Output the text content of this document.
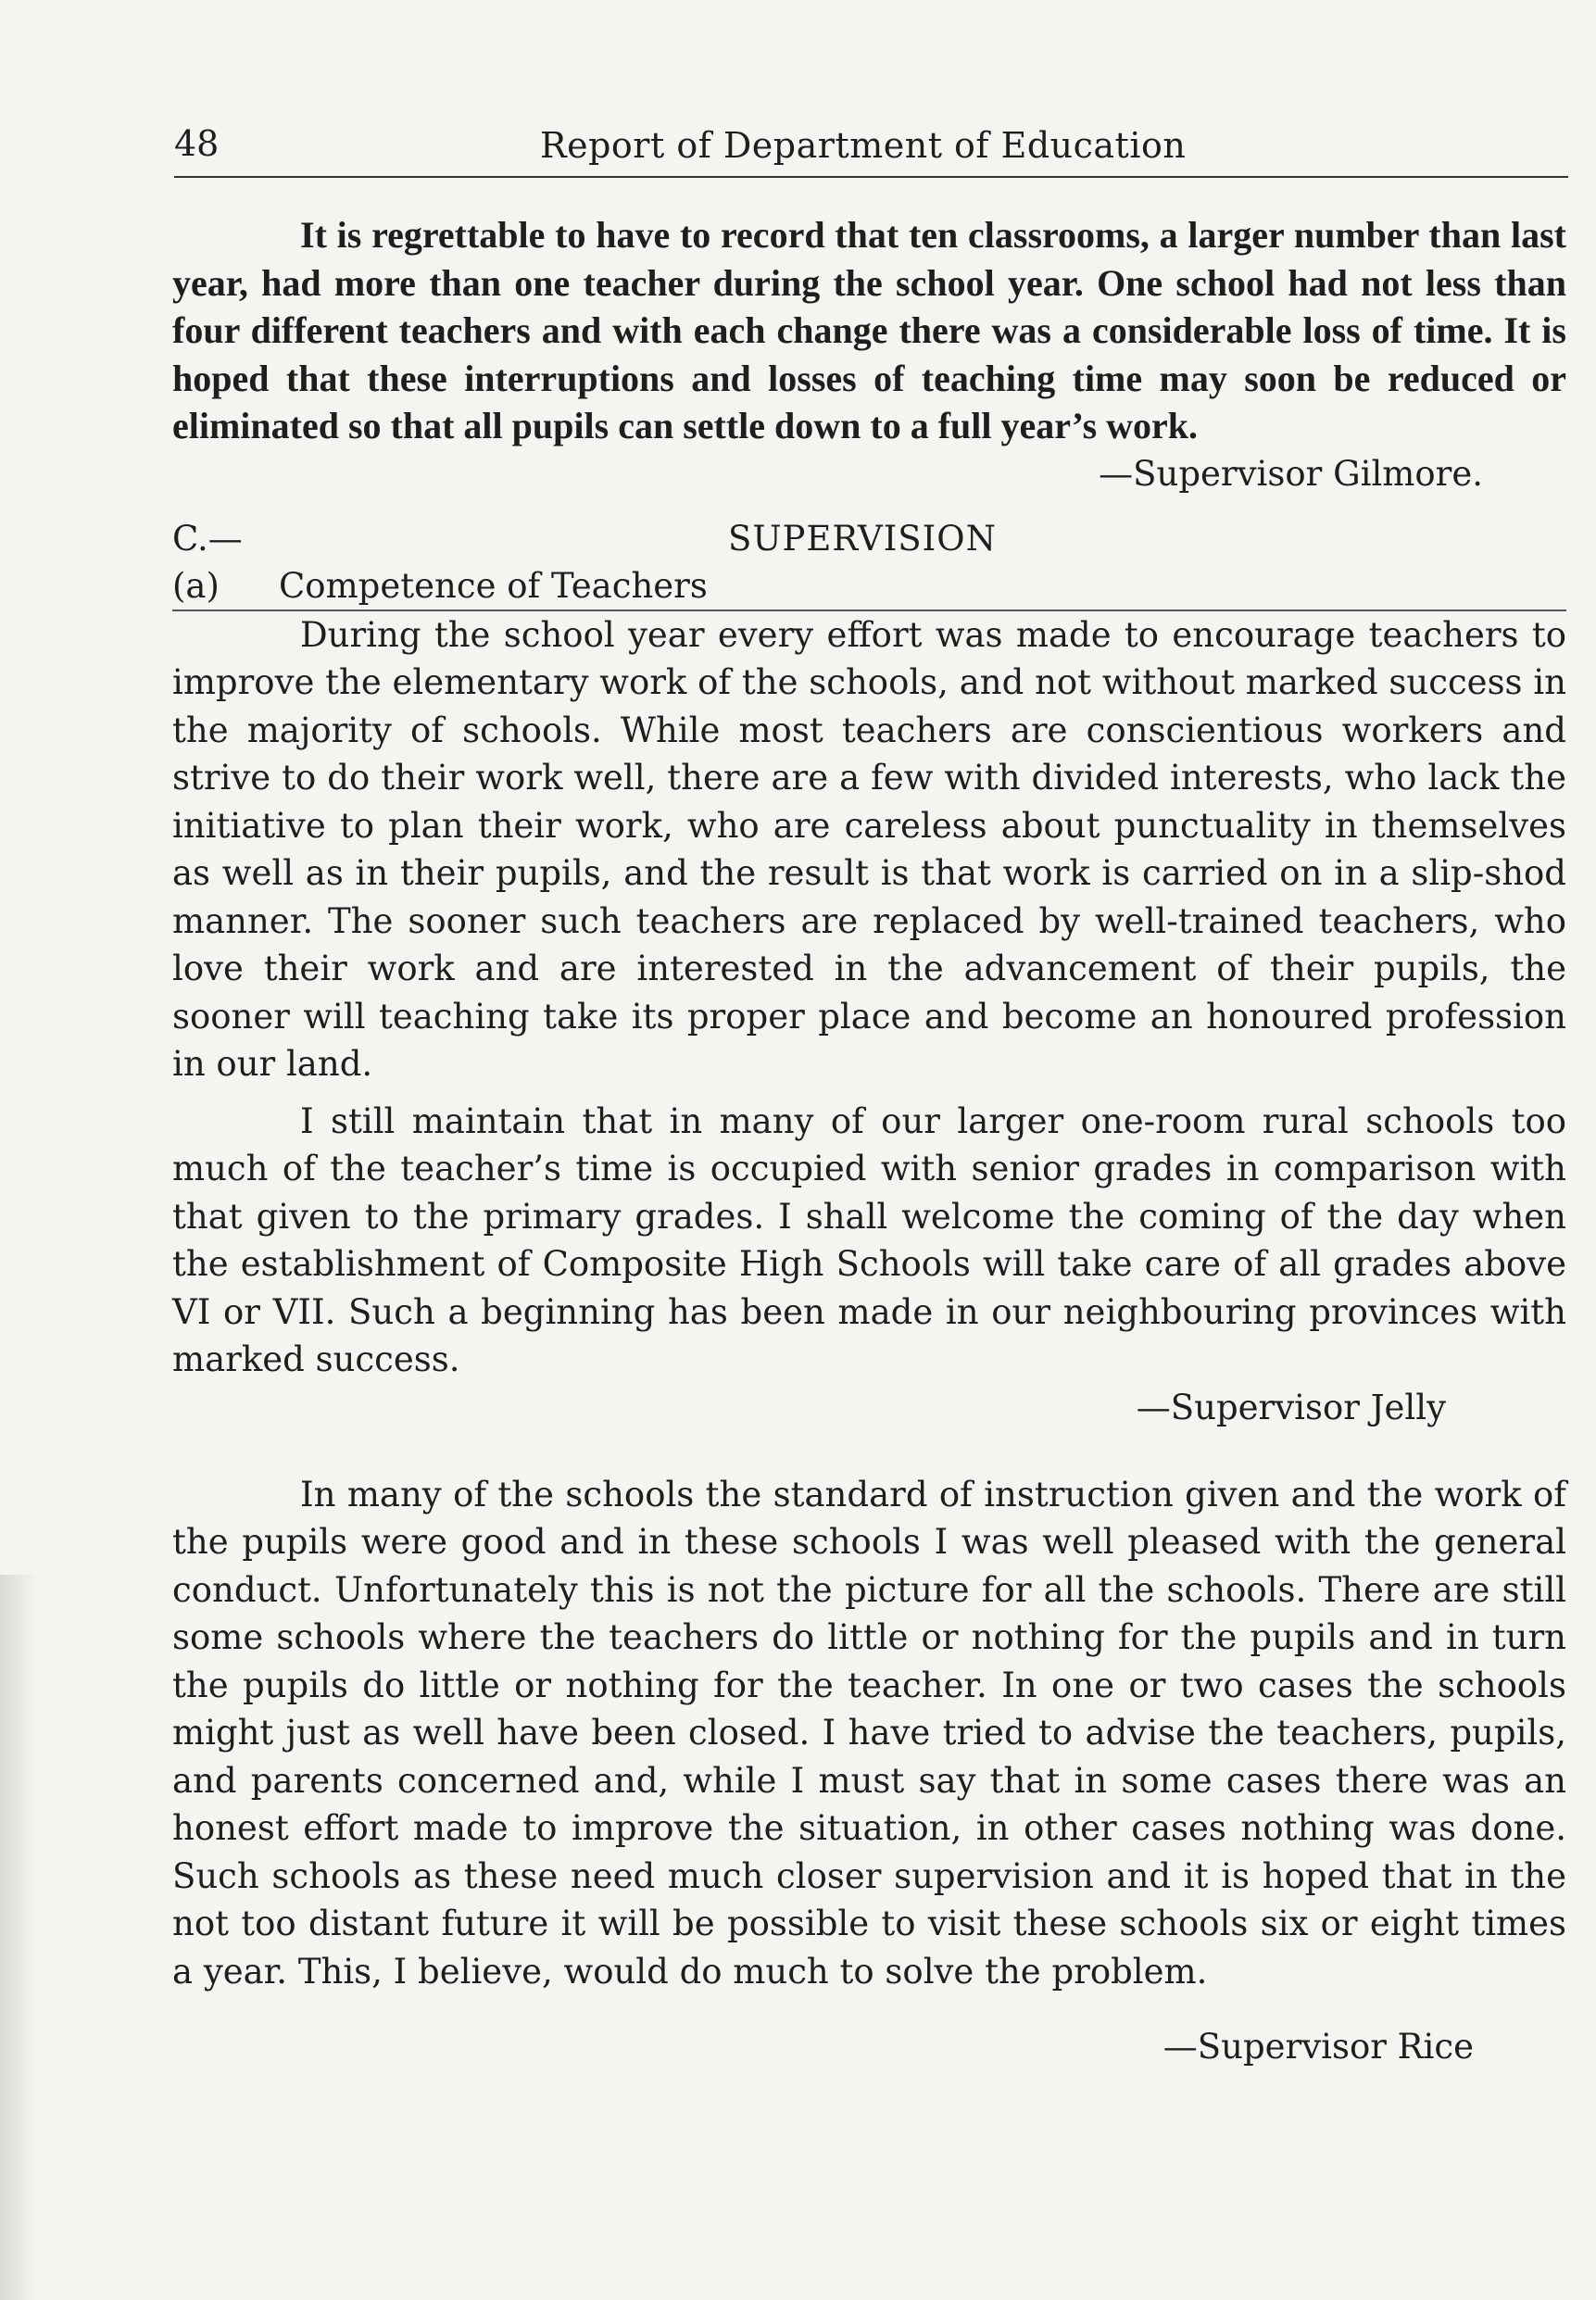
48	Report of Department of Education

It is regrettable to have to record that ten classrooms, a larger number than last year, had more than one teacher during the school year. One school had not less than four different teachers and with each change there was a considerable loss of time. It is hoped that these interruptions and losses of teaching time may soon be reduced or eliminated so that all pupils can settle down to a full year’s work.

—Supervisor Gilmore.
C.—	SUPERVISION
(a) Competence of Teachers

During the school year every effort was made to encourage teachers to improve the elementary work of the schools, and not without marked success in the majority of schools. While most teachers are conscientious workers and strive to do their work well, there are a few with divided interests, who lack the initiative to plan their work, who are careless about punctuality in themselves as well as in their pupils, and the result is that work is carried on in a slip-shod manner. The sooner such teachers are replaced by well-trained teachers, who love their work and are interested in the advancement of their pupils, the sooner will teaching take its proper place and become an honoured profession in our land.

I still maintain that in many of our larger one-room rural schools too much of the teacher’s time is occupied with senior grades in comparison with that given to the primary grades. I shall welcome the coming of the day when the establishment of Composite High Schools will take care of all grades above VI or VII. Such a beginning has been made in our neighbouring provinces with marked success.

—Supervisor Jelly

In many of the schools the standard of instruction given and the work of the pupils were good and in these schools I was well pleased with the general conduct. Unfortunately this is not the picture for all the schools. There are still some schools where the teachers do little or nothing for the pupils and in turn the pupils do little or nothing for the teacher. In one or two cases the schools might just as well have been closed. I have tried to advise the teachers, pupils, and parents concerned and, while I must say that in some cases there was an honest effort made to improve the situation, in other cases nothing was done. Such schools as these need much closer supervision and it is hoped that in the not too distant future it will be possible to visit these schools six or eight times a year. This, I believe, would do much to solve the problem.

—Supervisor Rice
